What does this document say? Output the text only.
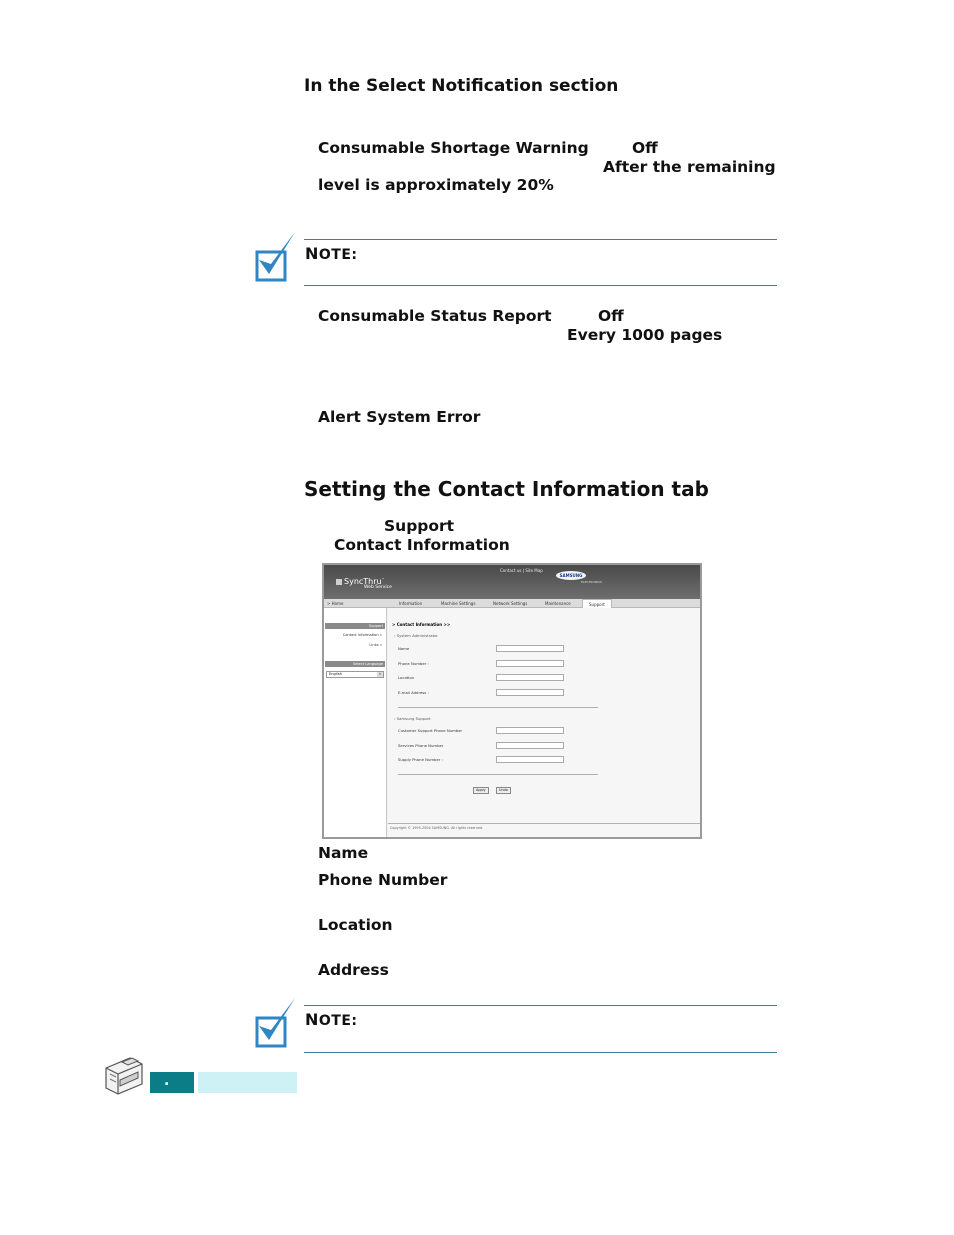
In the Select Notification section
Consumable Shortage Warning	Off
After the remaining
level is approximately 20%
NOTE:
Consumable Status Report	Off
Every 1000 pages
Alert System Error
Setting the Contact Information tab
Support
Contact Information
SyncThru™
Web Service
Contact us | Site Map
SAMSUNG
ELECTRONICS
> Home	Information	Machine Settings	Network Settings	Maintenance	Support
Support
Contact Information »
Links »
Select Language
English	▾
> Contact Information >>
› System Administrator
Name
Phone Number :
Location
E-mail Address :
› Samsung Support
Customer Support Phone Number
Services Phone Number
Supply Phone Number :
Apply	Undo
Copyright © 1995-2004 SAMSUNG. All rights reserved.
Name
Phone Number
Location
Address
NOTE:
.
